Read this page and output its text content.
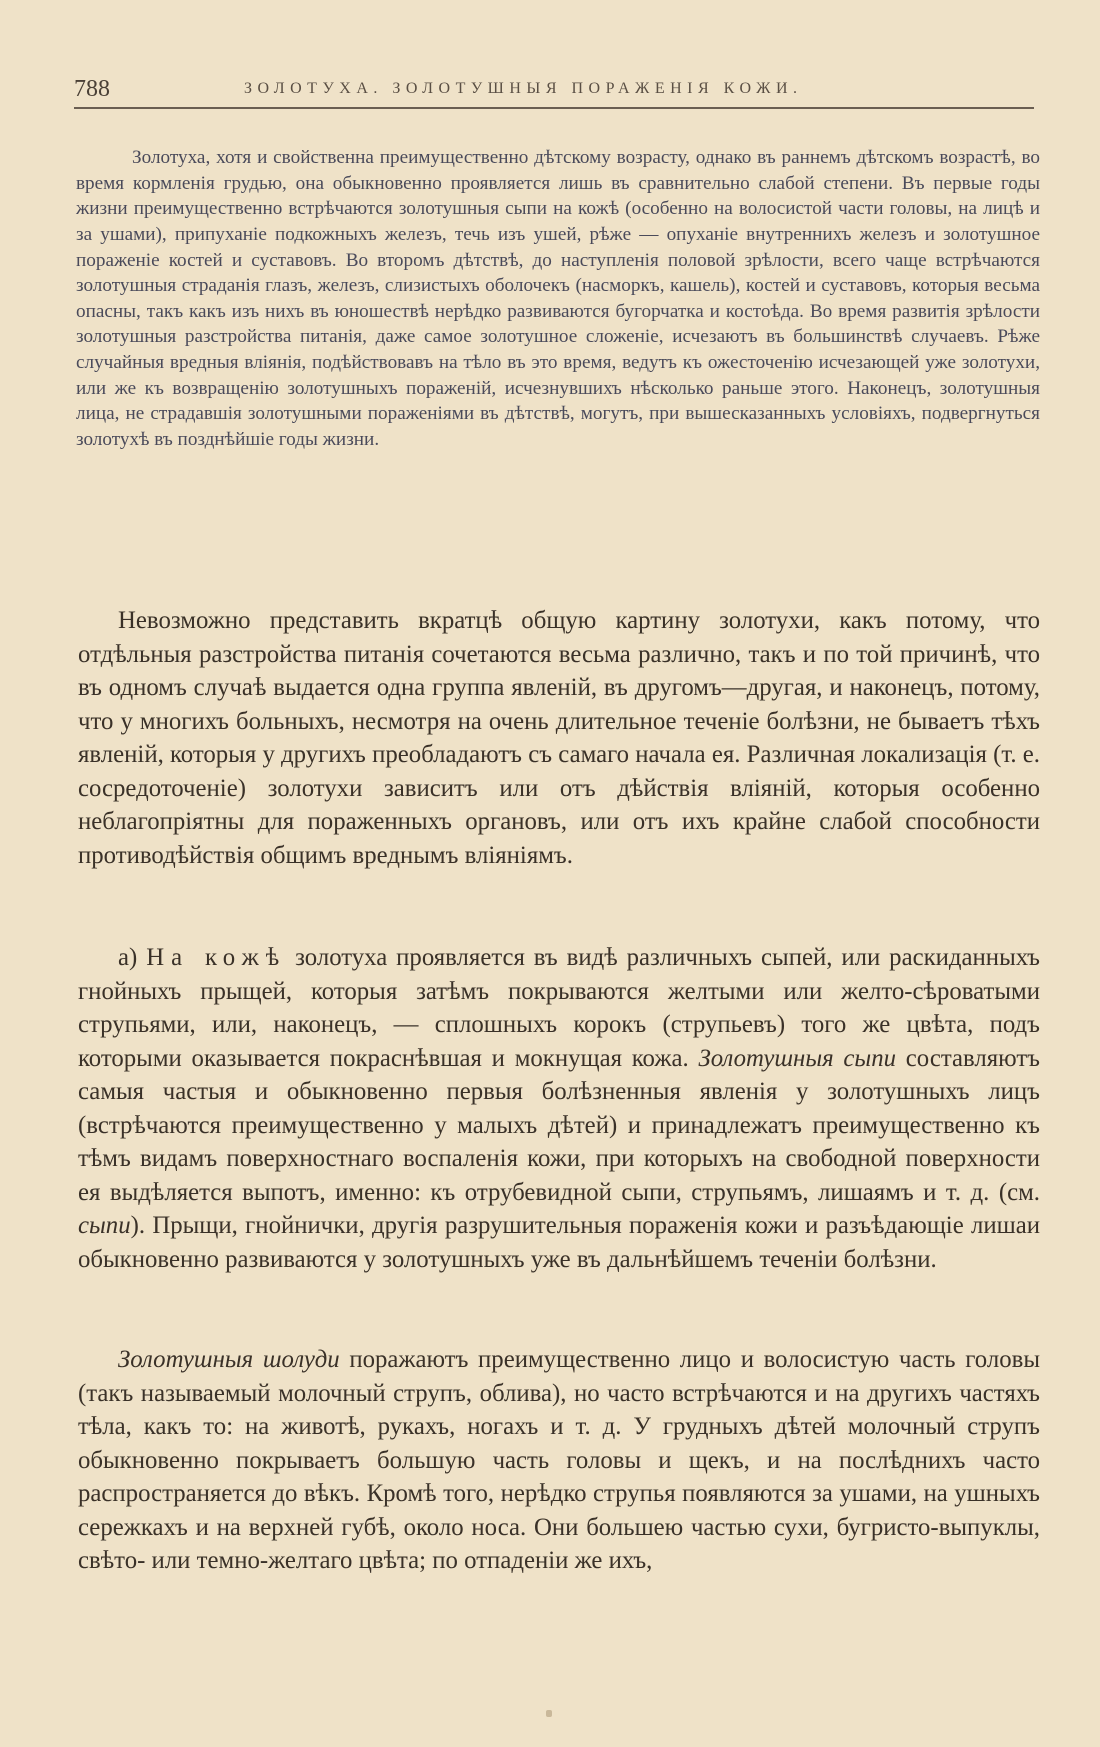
788	ЗОЛОТУХА. ЗОЛОТУШНЫЯ ПОРАЖЕНІЯ КОЖИ.

Золотуха, хотя и свойственна преимущественно дѣтскому возрасту, однако въ раннемъ дѣтскомъ возрастѣ, во время кормленія грудью, она обыкновенно проявляется лишь въ сравнительно слабой степени. Въ первые годы жизни преимущественно встрѣчаются золотушныя сыпи на кожѣ (особенно на волосистой части головы, на лицѣ и за ушами), припуханіе подкожныхъ железъ, течь изъ ушей, рѣже — опуханіе внутреннихъ железъ и золотушное пораженіе костей и суставовъ. Во второмъ дѣтствѣ, до наступленія половой зрѣлости, всего чаще встрѣчаются золотушныя страданія глазъ, железъ, слизистыхъ оболочекъ (насморкъ, кашель), костей и суставовъ, которыя весьма опасны, такъ какъ изъ нихъ въ юношествѣ нерѣдко развиваются бугорчатка и костоѣда. Во время развитія зрѣлости золотушныя разстройства питанія, даже самое золотушное сложеніе, исчезаютъ въ большинствѣ случаевъ. Рѣже случайныя вредныя вліянія, подѣйствовавъ на тѣло въ это время, ведутъ къ ожесточенію исчезающей уже золотухи, или же къ возвращенію золотушныхъ пораженій, исчезнувшихъ нѣсколько раньше этого. Наконецъ, золотушныя лица, не страдавшія золотушными пораженіями въ дѣтствѣ, могутъ, при вышесказанныхъ условіяхъ, подвергнуться золотухѣ въ позднѣйшіе годы жизни.

Невозможно представить вкратцѣ общую картину золотухи, какъ потому, что отдѣльныя разстройства питанія сочетаются весьма различно, такъ и по той причинѣ, что въ одномъ случаѣ выдается одна группа явленій, въ другомъ—другая, и наконецъ, потому, что у многихъ больныхъ, несмотря на очень длительное теченіе болѣзни, не бываетъ тѣхъ явленій, которыя у другихъ преобладаютъ съ самаго начала ея. Различная локализація (т. е. сосредоточеніе) золотухи зависитъ или отъ дѣйствія вліяній, которыя особенно неблагопріятны для пораженныхъ органовъ, или отъ ихъ крайне слабой способности противодѣйствія общимъ вреднымъ вліяніямъ.

а) На кожѣ золотуха проявляется въ видѣ различныхъ сыпей, или раскиданныхъ гнойныхъ прыщей, которыя затѣмъ покрываются желтыми или желто-сѣроватыми струпьями, или, наконецъ, — сплошныхъ корокъ (струпьевъ) того же цвѣта, подъ которыми оказывается покраснѣвшая и мокнущая кожа. Золотушныя сыпи составляютъ самыя частыя и обыкновенно первыя болѣзненныя явленія у золотушныхъ лицъ (встрѣчаются преимущественно у малыхъ дѣтей) и принадлежатъ преимущественно къ тѣмъ видамъ поверхностнаго воспаленія кожи, при которыхъ на свободной поверхности ея выдѣляется выпотъ, именно: къ отрубевидной сыпи, струпьямъ, лишаямъ и т. д. (см. сыпи). Прыщи, гнойнички, другія разрушительныя пораженія кожи и разъѣдающіе лишаи обыкновенно развиваются у золотушныхъ уже въ дальнѣйшемъ теченіи болѣзни.

Золотушныя шолуди поражаютъ преимущественно лицо и волосистую часть головы (такъ называемый молочный струпъ, облива), но часто встрѣчаются и на другихъ частяхъ тѣла, какъ то: на животѣ, рукахъ, ногахъ и т. д. У грудныхъ дѣтей молочный струпъ обыкновенно покрываетъ большую часть головы и щекъ, и на послѣднихъ часто распространяется до вѣкъ. Кромѣ того, нерѣдко струпья появляются за ушами, на ушныхъ сережкахъ и на верхней губѣ, около носа. Они большею частью сухи, бугристо-выпуклы, свѣто- или темно-желтаго цвѣта; по отпаденіи же ихъ,
